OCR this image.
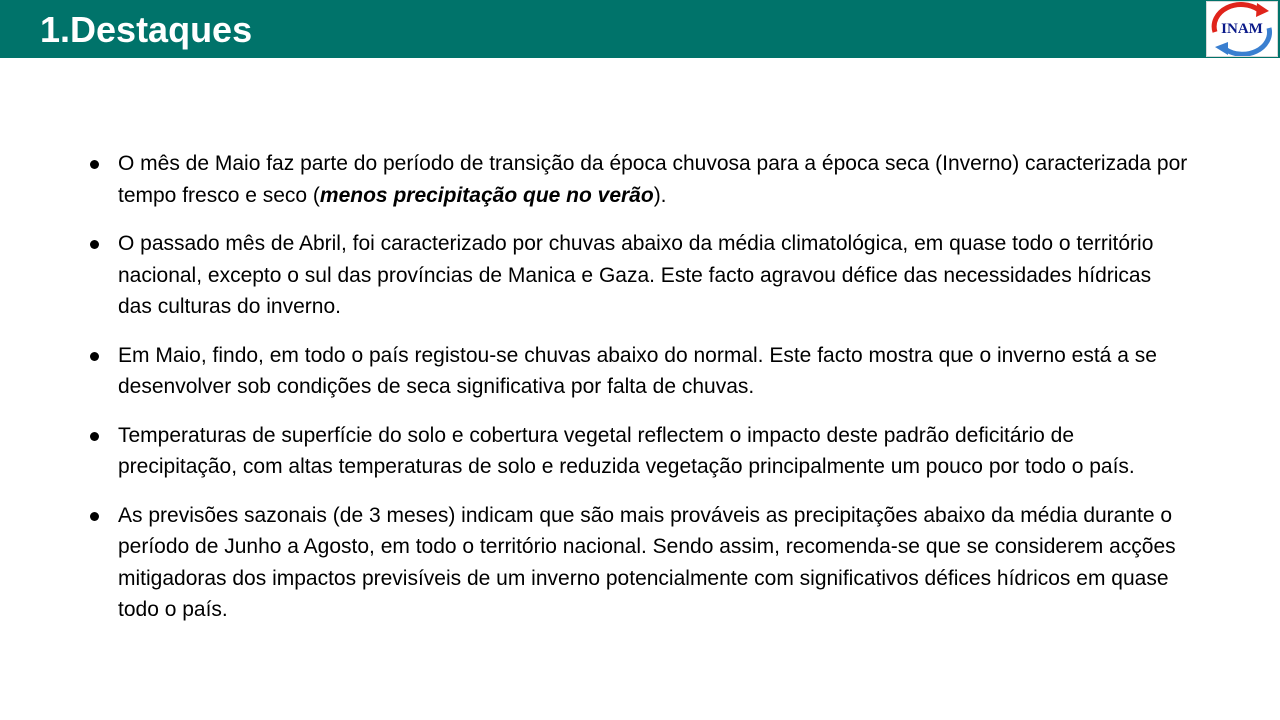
1.Destaques	INAM
O mês de Maio faz parte do período de transição da época chuvosa para a época seca (Inverno) caracterizada por tempo fresco e seco (menos precipitação que no verão).
O passado mês de Abril, foi caracterizado por chuvas abaixo da média climatológica, em quase todo o território nacional, excepto o sul das províncias de Manica e Gaza. Este facto agravou défice das necessidades hídricas das culturas do inverno.
Em Maio, findo, em todo o país registou-se chuvas abaixo do normal. Este facto mostra que o inverno está a se desenvolver sob condições de seca significativa por falta de chuvas.
Temperaturas de superfície do solo e cobertura vegetal reflectem o impacto deste padrão deficitário de precipitação, com altas temperaturas de solo e reduzida vegetação principalmente um pouco por todo o país.
As previsões sazonais (de 3 meses) indicam que são mais prováveis as precipitações abaixo da média durante o período de Junho a Agosto, em todo o território nacional. Sendo assim, recomenda-se que se considerem acções mitigadoras dos impactos previsíveis de um inverno potencialmente com significativos défices hídricos em quase todo o país.
